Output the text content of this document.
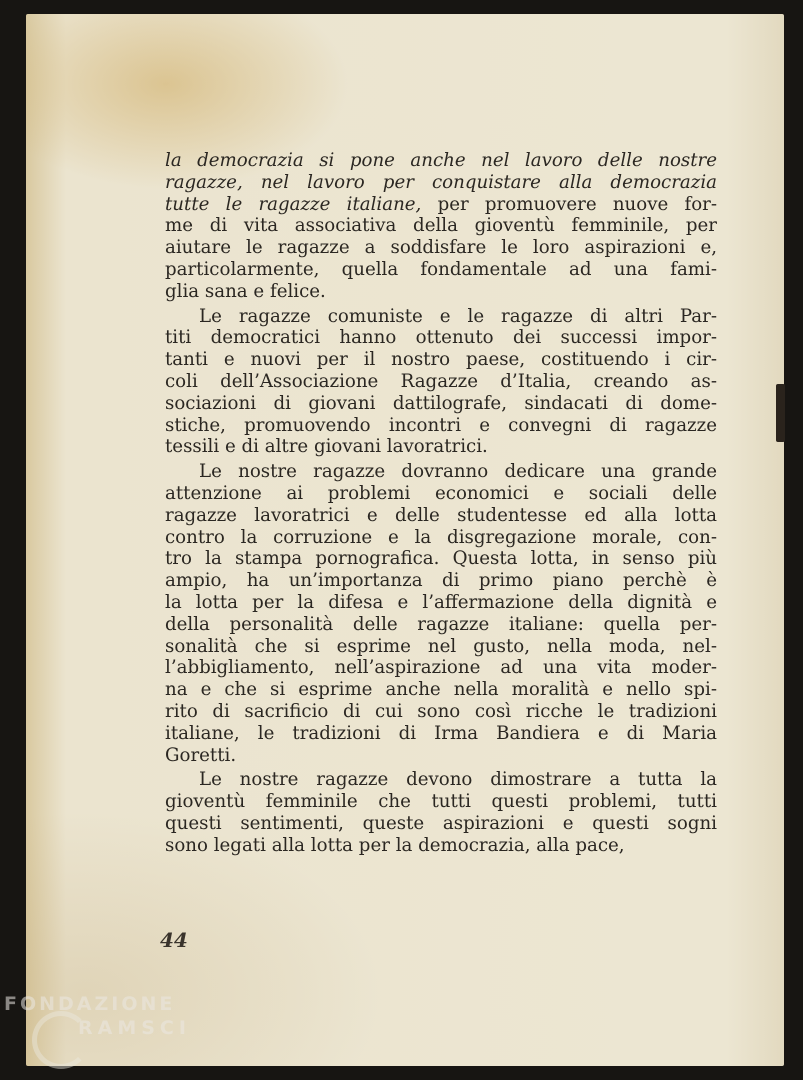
la democrazia si pone anche nel lavoro delle nostre
ragazze, nel lavoro per conquistare alla democrazia
tutte le ragazze italiane, per promuovere nuove for-
me di vita associativa della gioventù femminile, per
aiutare le ragazze a soddisfare le loro aspirazioni e,
particolarmente, quella fondamentale ad una fami-
glia sana e felice.

Le ragazze comuniste e le ragazze di altri Par-
titi democratici hanno ottenuto dei successi impor-
tanti e nuovi per il nostro paese, costituendo i cir-
coli dell’Associazione Ragazze d’Italia, creando as-
sociazioni di giovani dattilografe, sindacati di dome-
stiche, promuovendo incontri e convegni di ragazze
tessili e di altre giovani lavoratrici.

Le nostre ragazze dovranno dedicare una grande
attenzione ai problemi economici e sociali delle
ragazze lavoratrici e delle studentesse ed alla lotta
contro la corruzione e la disgregazione morale, con-
tro la stampa pornografica. Questa lotta, in senso più
ampio, ha un’importanza di primo piano perchè è
la lotta per la difesa e l’affermazione della dignità e
della personalità delle ragazze italiane: quella per-
sonalità che si esprime nel gusto, nella moda, nel-
l’abbigliamento, nell’aspirazione ad una vita moder-
na e che si esprime anche nella moralità e nello spi-
rito di sacrificio di cui sono così ricche le tradizioni
italiane, le tradizioni di Irma Bandiera e di Maria
Goretti.

Le nostre ragazze devono dimostrare a tutta la
gioventù femminile che tutti questi problemi, tutti
questi sentimenti, queste aspirazioni e questi sogni
sono legati alla lotta per la democrazia, alla pace,

44
FONDAZIONE
RAMSCI
